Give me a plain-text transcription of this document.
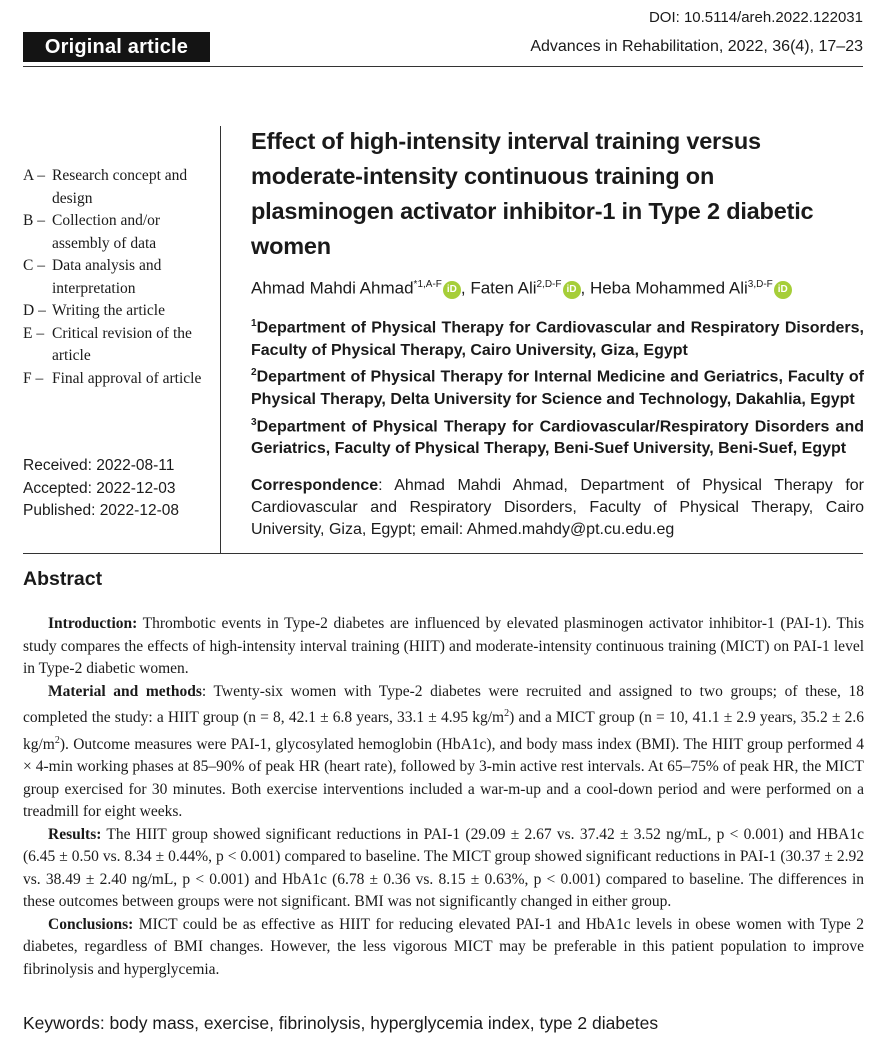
DOI: 10.5114/areh.2022.122031
Original article	Advances in Rehabilitation, 2022, 36(4), 17–23
A – Research concept and design
B – Collection and/or assembly of data
C – Data analysis and interpretation
D – Writing the article
E – Critical revision of the article
F – Final approval of article
Received: 2022-08-11
Accepted: 2022-12-03
Published: 2022-12-08
Effect of high-intensity interval training versus moderate-intensity continuous training on plasminogen activator inhibitor-1 in Type 2 diabetic women
Ahmad Mahdi Ahmad$^{*1,A-F}$ iD , Faten Ali$^{2,D-F}$ iD , Heba Mohammed Ali$^{3,D-F}$ iD

$^1$Department of Physical Therapy for Cardiovascular and Respiratory Disorders, Faculty of Physical Therapy, Cairo University, Giza, Egypt

$^2$Department of Physical Therapy for Internal Medicine and Geriatrics, Faculty of Physical Therapy, Delta University for Science and Technology, Dakahlia, Egypt

$^3$Department of Physical Therapy for Cardiovascular/Respiratory Disorders and Geriatrics, Faculty of Physical Therapy, Beni-Suef University, Beni-Suef, Egypt

Correspondence: Ahmad Mahdi Ahmad, Department of Physical Therapy for Cardiovascular and Respiratory Disorders, Faculty of Physical Therapy, Cairo University, Giza, Egypt; email: Ahmed.mahdy@pt.cu.edu.eg

Abstract

Introduction: Thrombotic events in Type-2 diabetes are influenced by elevated plasminogen activator inhibitor-1 (PAI-1). This study compares the effects of high-intensity interval training (HIIT) and moderate-intensity continuous training (MICT) on PAI-1 level in Type-2 diabetic women.

Material and methods: Twenty-six women with Type-2 diabetes were recruited and assigned to two groups; of these, 18 completed the study: a HIIT group (n = 8, 42.1 ± 6.8 years, 33.1 ± 4.95 $kg/m^2$) and a MICT group (n = 10, 41.1 ± 2.9 years, 35.2 ± 2.6 $kg/m^2$). Outcome measures were PAI-1, glycosylated hemoglobin (HbA1c), and body mass index (BMI). The HIIT group performed 4 × 4-min working phases at 85–90% of peak HR (heart rate), followed by 3-min active rest intervals. At 65–75% of peak HR, the MICT group exercised for 30 minutes. Both exercise interventions included a war-m-up and a cool-down period and were performed on a treadmill for eight weeks.

Results: The HIIT group showed significant reductions in PAI-1 (29.09 ± 2.67 vs. 37.42 ± 3.52 ng/mL, p < 0.001) and HBA1c (6.45 ± 0.50 vs. 8.34 ± 0.44%, p < 0.001) compared to baseline. The MICT group showed significant reductions in PAI-1 (30.37 ± 2.92 vs. 38.49 ± 2.40 ng/mL, p < 0.001) and HbA1c (6.78 ± 0.36 vs. 8.15 ± 0.63%, p < 0.001) compared to baseline. The differences in these outcomes between groups were not significant. BMI was not significantly changed in either group.

Conclusions: MICT could be as effective as HIIT for reducing elevated PAI-1 and HbA1c levels in obese women with Type 2 diabetes, regardless of BMI changes. However, the less vigorous MICT may be preferable in this patient population to improve fibrinolysis and hyperglycemia.

Keywords: body mass, exercise, fibrinolysis, hyperglycemia index, type 2 diabetes
